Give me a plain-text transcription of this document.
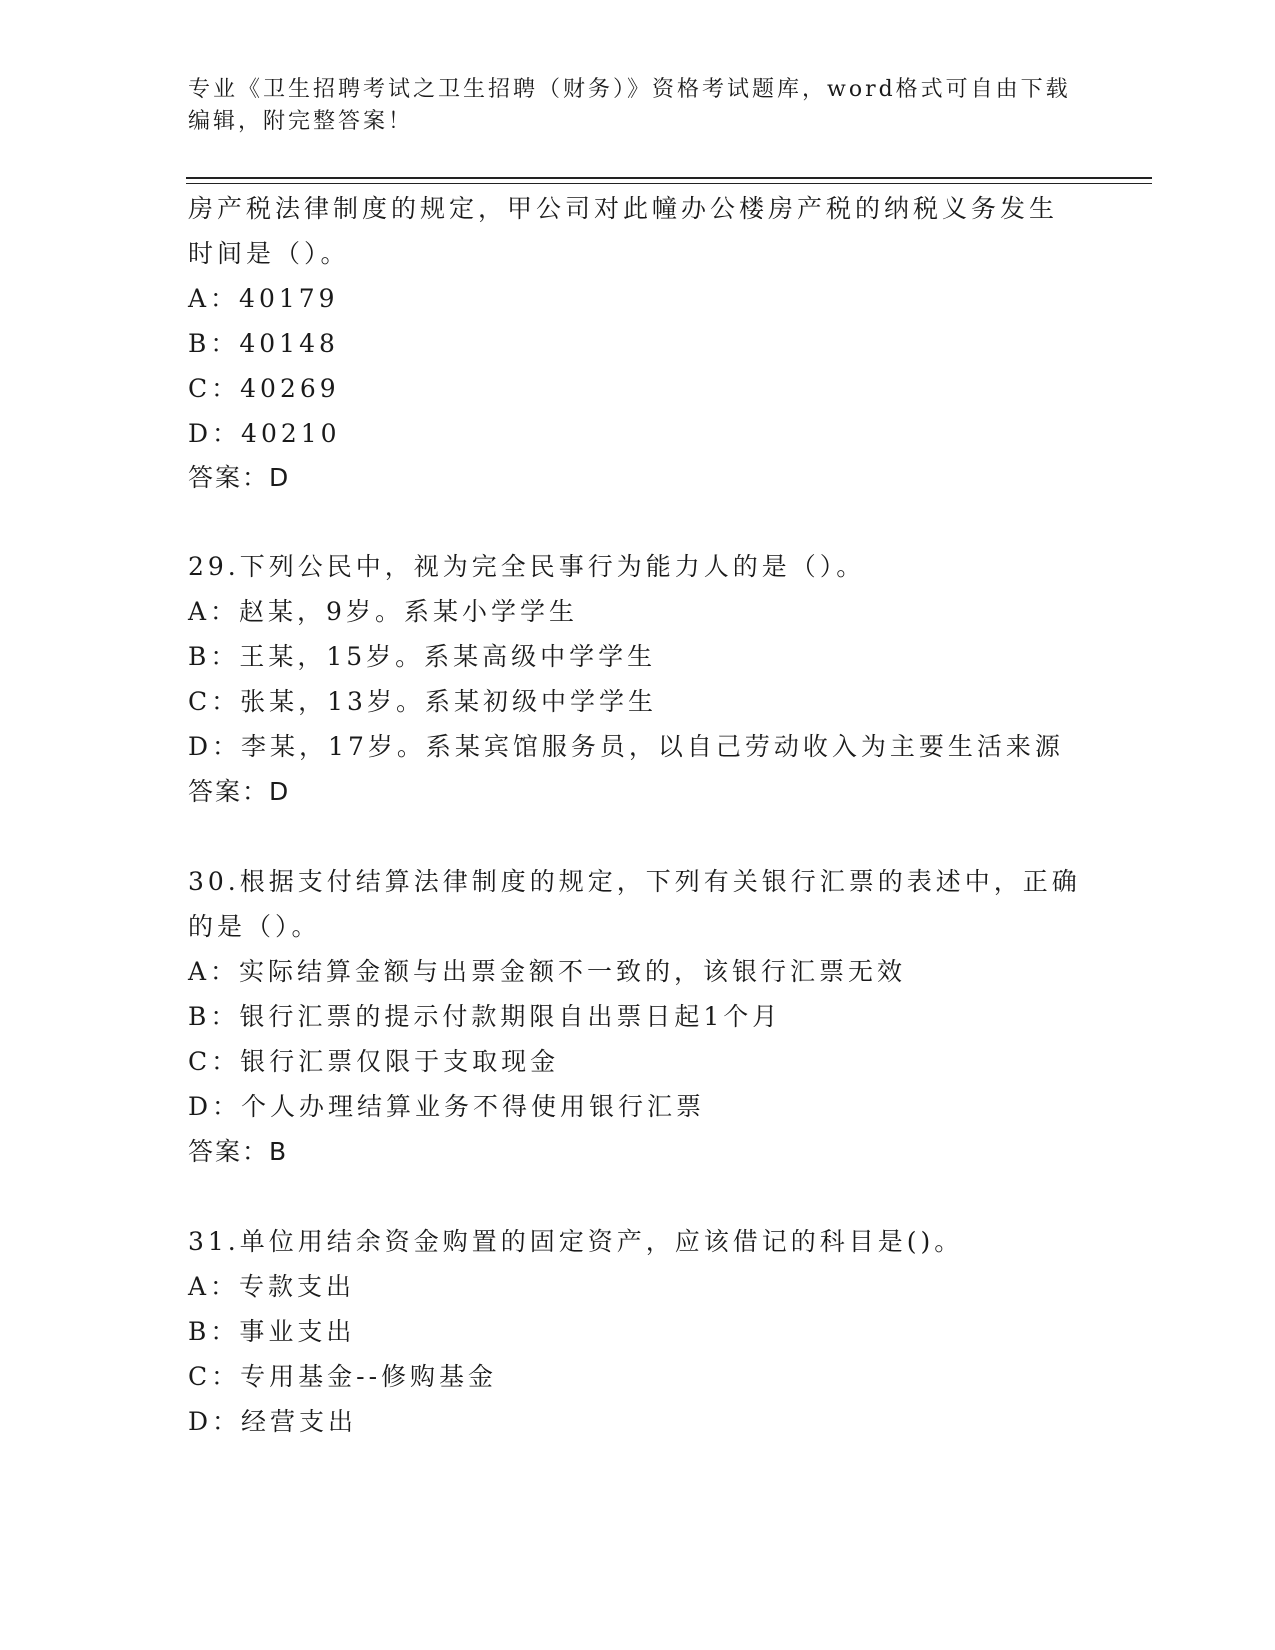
专业《卫生招聘考试之卫生招聘（财务）》资格考试题库，word格式可自由下载
编辑，附完整答案！
房产税法律制度的规定，甲公司对此幢办公楼房产税的纳税义务发生
时间是（）。
A：40179
B：40148
C：40269
D：40210
答案：D
29.下列公民中，视为完全民事行为能力人的是（）。
A：赵某，9岁。系某小学学生
B：王某，15岁。系某高级中学学生
C：张某，13岁。系某初级中学学生
D：李某，17岁。系某宾馆服务员，以自己劳动收入为主要生活来源
答案：D
30.根据支付结算法律制度的规定，下列有关银行汇票的表述中，正确
的是（）。
A：实际结算金额与出票金额不一致的，该银行汇票无效
B：银行汇票的提示付款期限自出票日起1个月
C：银行汇票仅限于支取现金
D：个人办理结算业务不得使用银行汇票
答案：B
31.单位用结余资金购置的固定资产，应该借记的科目是()。
A：专款支出
B：事业支出
C：专用基金--修购基金
D：经营支出
